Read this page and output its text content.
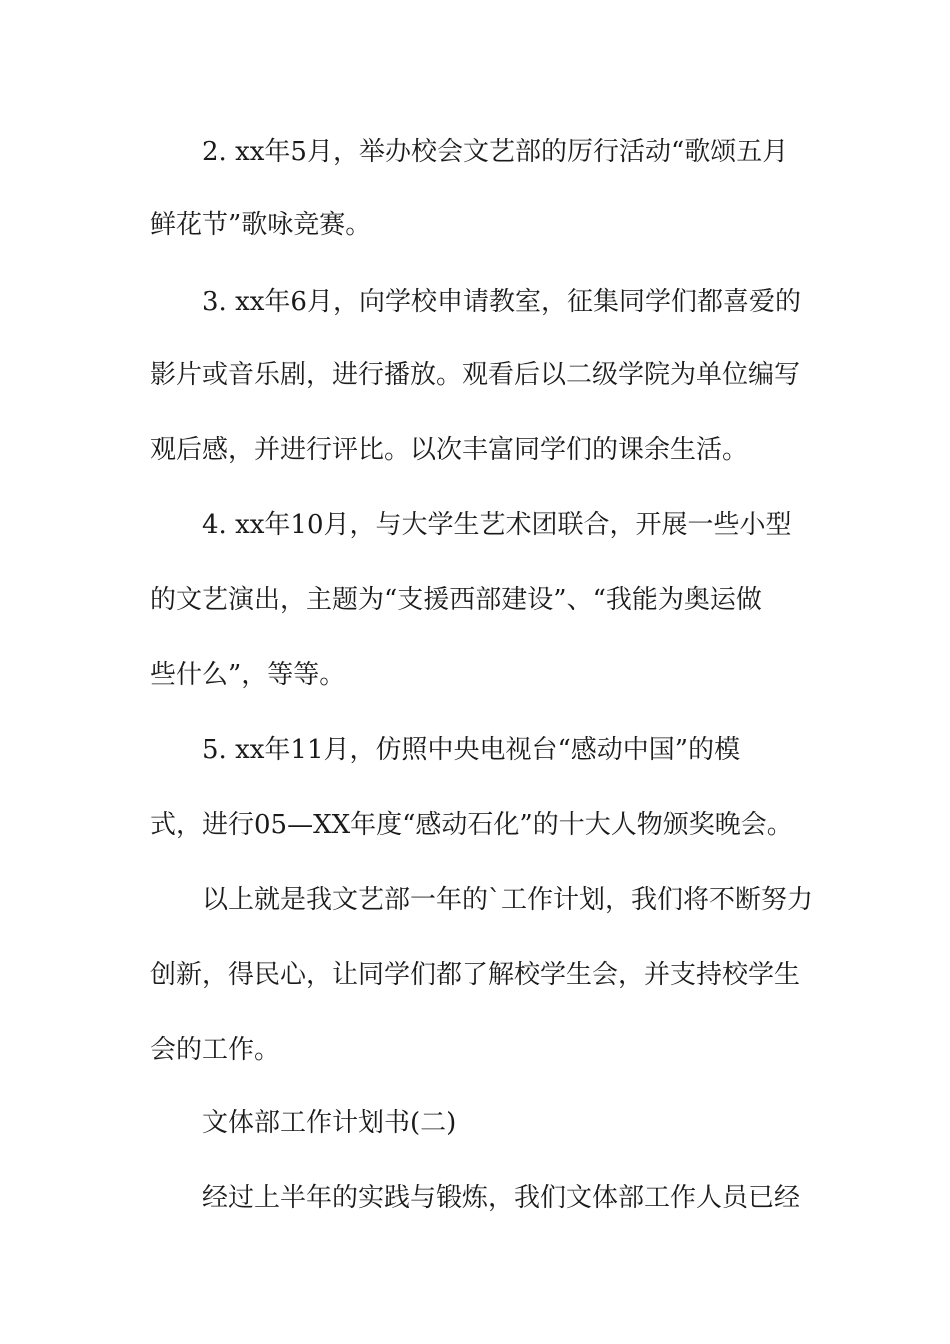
2. xx年5月，举办校会文艺部的厉行活动“歌颂五月
鲜花节”歌咏竞赛。
3. xx年6月，向学校申请教室，征集同学们都喜爱的
影片或音乐剧，进行播放。观看后以二级学院为单位编写
观后感，并进行评比。以次丰富同学们的课余生活。
4. xx年10月，与大学生艺术团联合，开展一些小型
的文艺演出，主题为“支援西部建设”、“我能为奥运做
些什么”，等等。
5. xx年11月，仿照中央电视台“感动中国”的模
式，进行05—XX年度“感动石化”的十大人物颁奖晚会。
以上就是我文艺部一年的`工作计划，我们将不断努力
创新，得民心，让同学们都了解校学生会，并支持校学生
会的工作。
文体部工作计划书(二)
经过上半年的实践与锻炼，我们文体部工作人员已经
